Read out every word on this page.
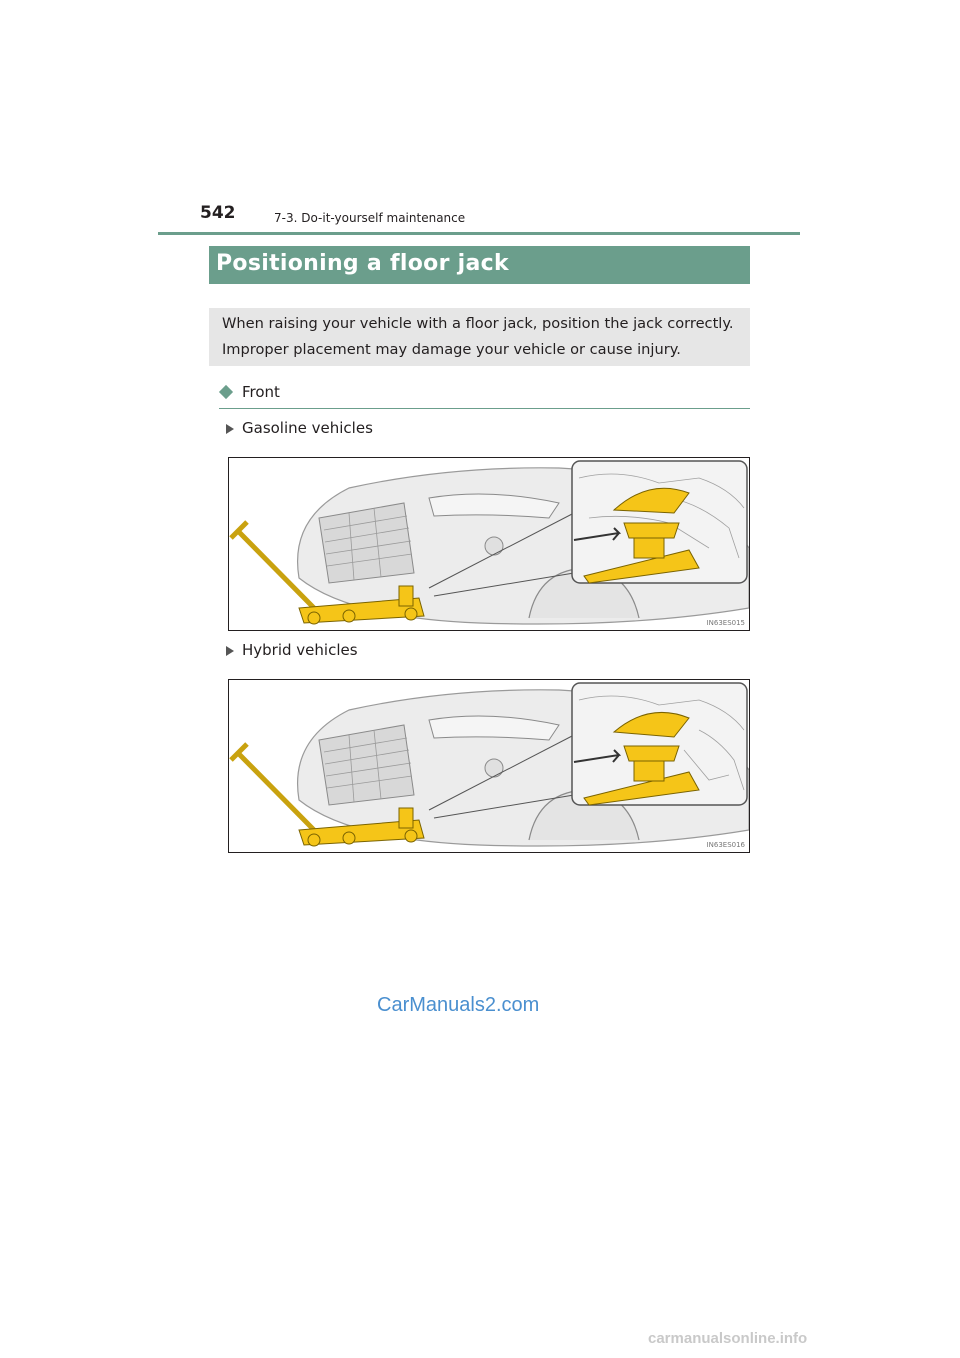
542	7-3. Do-it-yourself maintenance
Positioning a floor jack
When raising your vehicle with a floor jack, position the jack correctly. Improper placement may damage your vehicle or cause injury.
Front
Gasoline vehicles
IN63ES015
Hybrid vehicles
IN63ES016
CarManuals2.com
carmanualsonline.info
